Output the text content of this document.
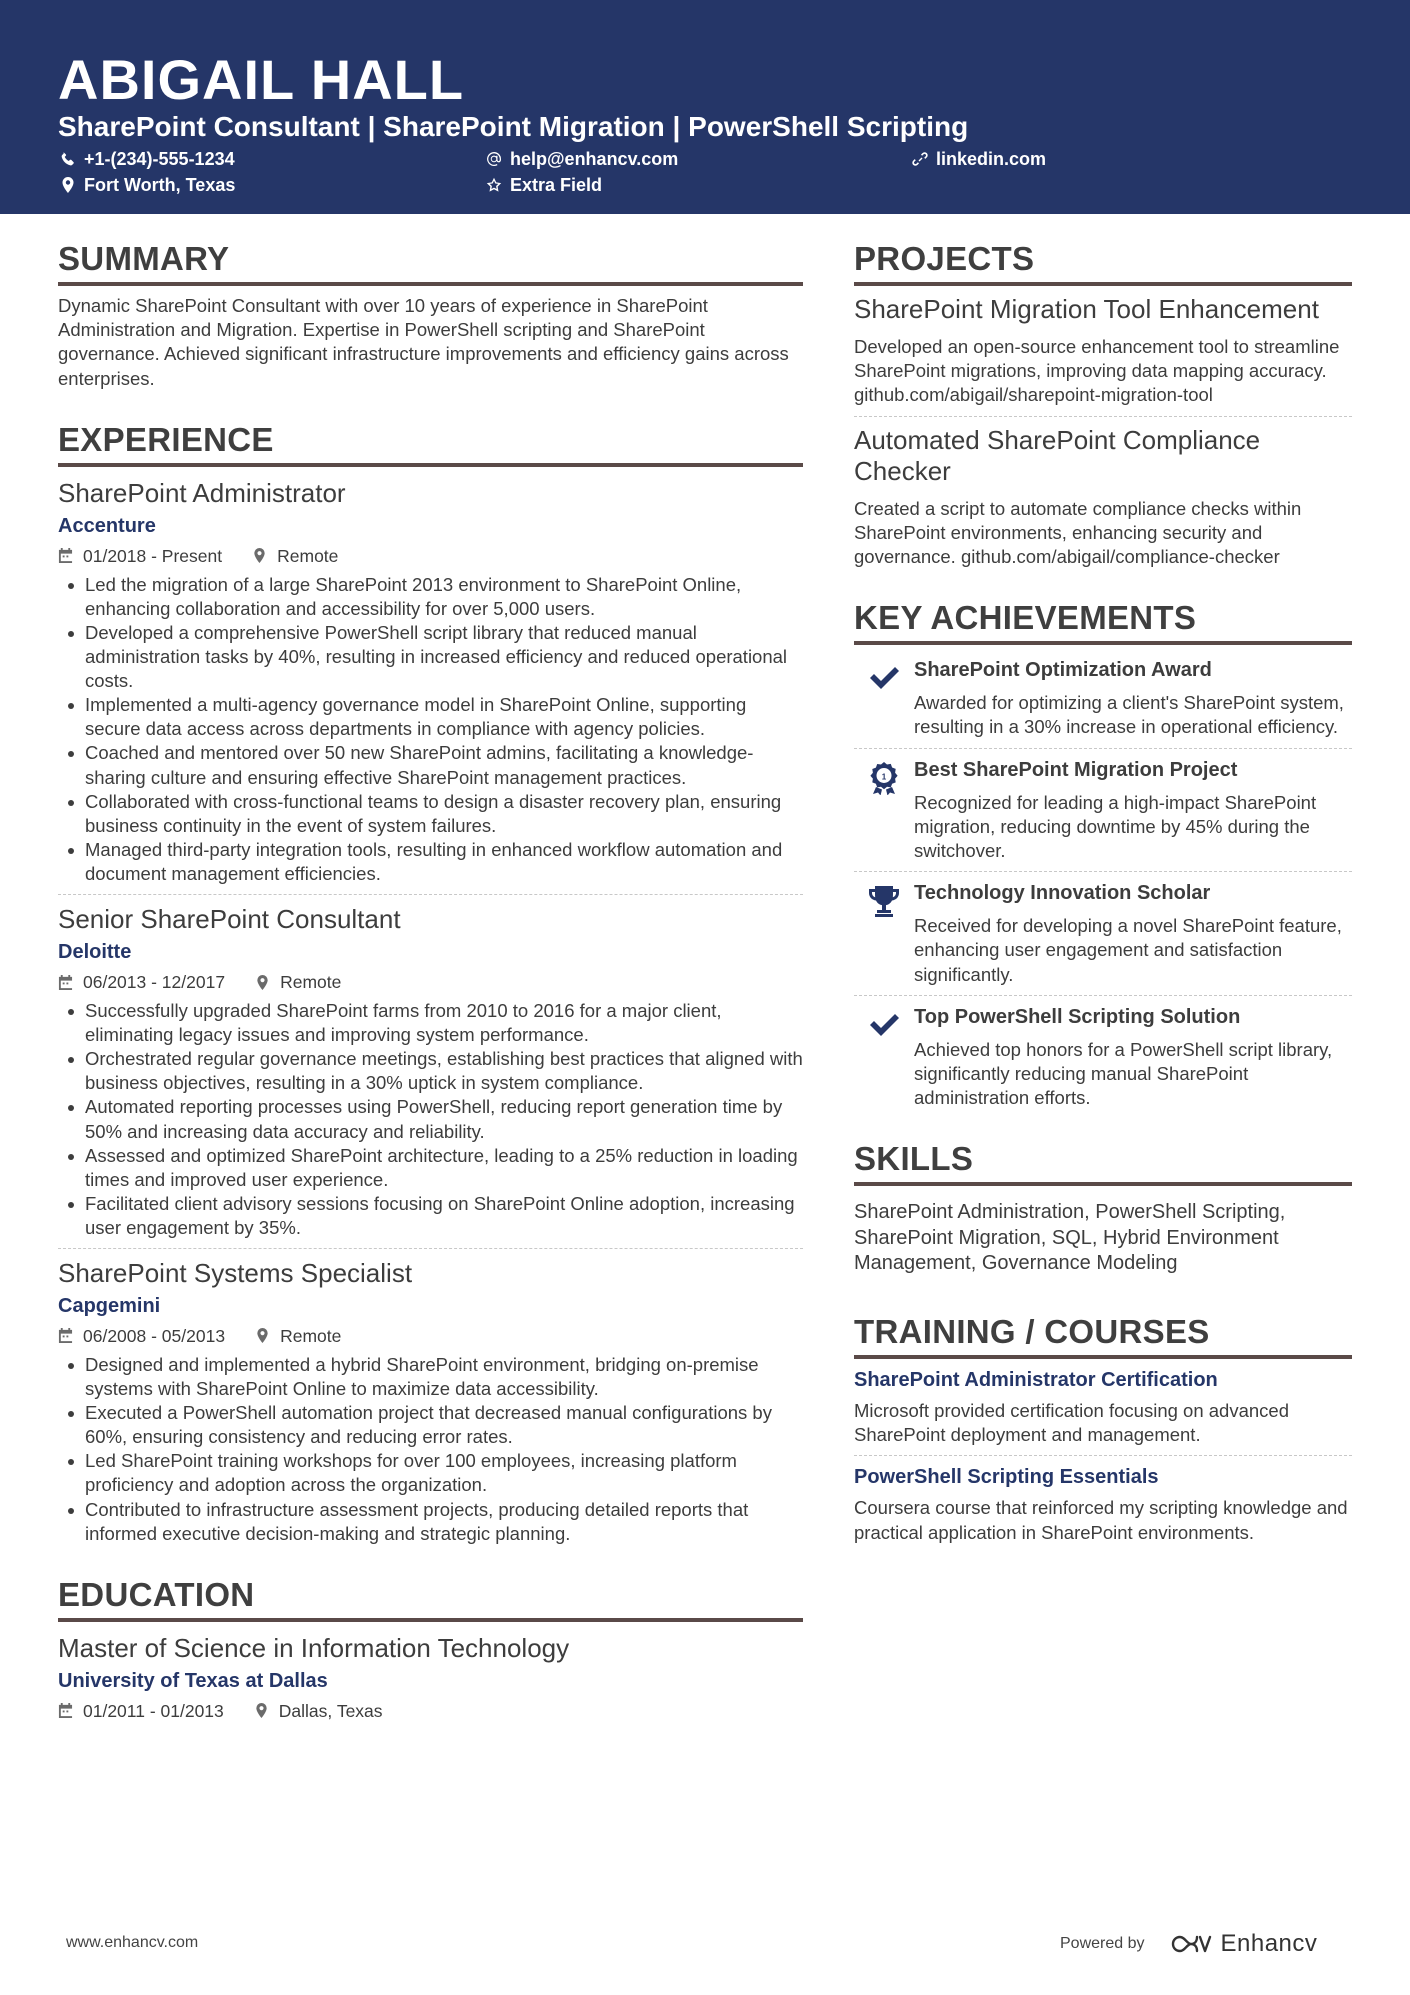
ABIGAIL HALL
SharePoint Consultant | SharePoint Migration | PowerShell Scripting
+1-(234)-555-1234	help@enhancv.com	linkedin.com
Fort Worth, Texas	Extra Field
SUMMARY

Dynamic SharePoint Consultant with over 10 years of experience in SharePoint Administration and Migration. Expertise in PowerShell scripting and SharePoint governance. Achieved significant infrastructure improvements and efficiency gains across enterprises.

EXPERIENCE
SharePoint Administrator
Accenture
01/2018 - Present	Remote
Led the migration of a large SharePoint 2013 environment to SharePoint Online, enhancing collaboration and accessibility for over 5,000 users.
Developed a comprehensive PowerShell script library that reduced manual administration tasks by 40%, resulting in increased efficiency and reduced operational costs.
Implemented a multi-agency governance model in SharePoint Online, supporting secure data access across departments in compliance with agency policies.
Coached and mentored over 50 new SharePoint admins, facilitating a knowledge-sharing culture and ensuring effective SharePoint management practices.
Collaborated with cross-functional teams to design a disaster recovery plan, ensuring business continuity in the event of system failures.
Managed third-party integration tools, resulting in enhanced workflow automation and document management efficiencies.
Senior SharePoint Consultant
Deloitte
06/2013 - 12/2017	Remote
Successfully upgraded SharePoint farms from 2010 to 2016 for a major client, eliminating legacy issues and improving system performance.
Orchestrated regular governance meetings, establishing best practices that aligned with business objectives, resulting in a 30% uptick in system compliance.
Automated reporting processes using PowerShell, reducing report generation time by 50% and increasing data accuracy and reliability.
Assessed and optimized SharePoint architecture, leading to a 25% reduction in loading times and improved user experience.
Facilitated client advisory sessions focusing on SharePoint Online adoption, increasing user engagement by 35%.
SharePoint Systems Specialist
Capgemini
06/2008 - 05/2013	Remote
Designed and implemented a hybrid SharePoint environment, bridging on-premise systems with SharePoint Online to maximize data accessibility.
Executed a PowerShell automation project that decreased manual configurations by 60%, ensuring consistency and reducing error rates.
Led SharePoint training workshops for over 100 employees, increasing platform proficiency and adoption across the organization.
Contributed to infrastructure assessment projects, producing detailed reports that informed executive decision-making and strategic planning.
EDUCATION
Master of Science in Information Technology
University of Texas at Dallas
01/2011 - 01/2013	Dallas, Texas
PROJECTS
SharePoint Migration Tool Enhancement

Developed an open-source enhancement tool to streamline SharePoint migrations, improving data mapping accuracy. github.com/abigail/sharepoint-migration-tool

Automated SharePoint Compliance Checker

Created a script to automate compliance checks within SharePoint environments, enhancing security and governance. github.com/abigail/compliance-checker

KEY ACHIEVEMENTS
SharePoint Optimization Award

Awarded for optimizing a client's SharePoint system, resulting in a 30% increase in operational efficiency.

1 Best SharePoint Migration Project

Recognized for leading a high-impact SharePoint migration, reducing downtime by 45% during the switchover.

Technology Innovation Scholar

Received for developing a novel SharePoint feature, enhancing user engagement and satisfaction significantly.

Top PowerShell Scripting Solution

Achieved top honors for a PowerShell script library, significantly reducing manual SharePoint administration efforts.

SKILLS

SharePoint Administration, PowerShell Scripting, SharePoint Migration, SQL, Hybrid Environment Management, Governance Modeling

TRAINING / COURSES
SharePoint Administrator Certification

Microsoft provided certification focusing on advanced SharePoint deployment and management.

PowerShell Scripting Essentials

Coursera course that reinforced my scripting knowledge and practical application in SharePoint environments.

www.enhancv.com	Powered by	Enhancv
